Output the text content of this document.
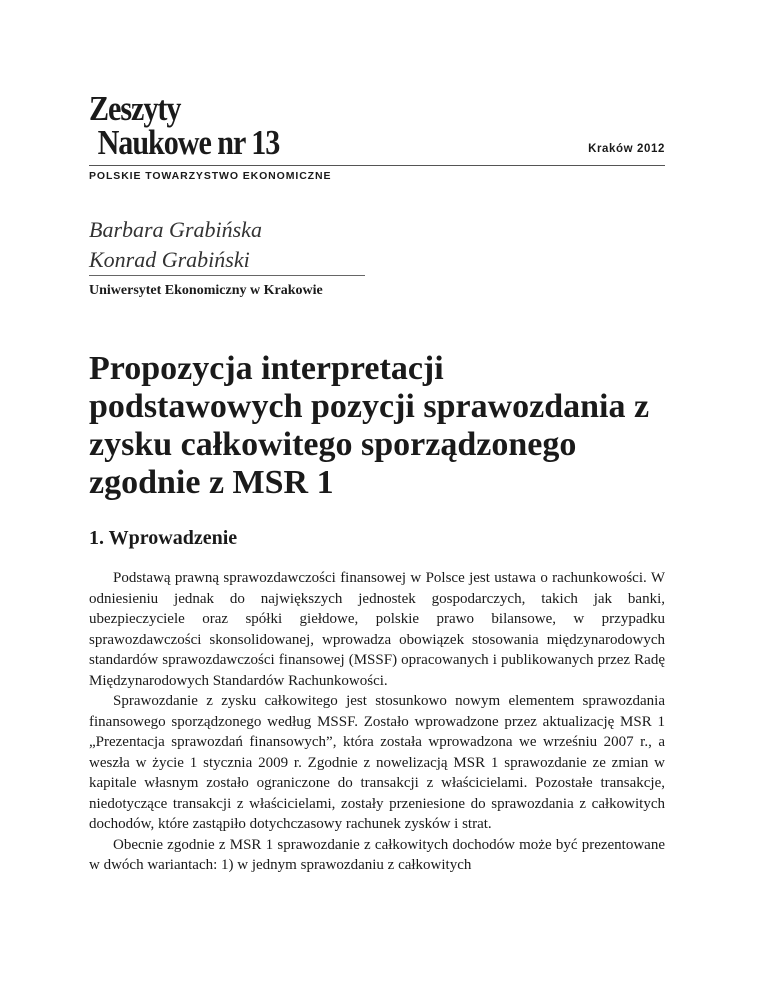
Zeszyty
Naukowe nr 13	Kraków 2012
POLSKIE TOWARZYSTWO EKONOMICZNE
Barbara Grabińska
Konrad Grabiński
Uniwersytet Ekonomiczny w Krakowie
Propozycja interpretacji podstawowych pozycji sprawozdania z zysku całkowitego sporządzonego zgodnie z MSR 1
1. Wprowadzenie

Podstawą prawną sprawozdawczości finansowej w Polsce jest ustawa o rachunkowości. W odniesieniu jednak do największych jednostek gospodarczych, takich jak banki, ubezpieczyciele oraz spółki giełdowe, polskie prawo bilansowe, w przypadku sprawozdawczości skonsolidowanej, wprowadza obowiązek stosowania międzynarodowych standardów sprawozdawczości finansowej (MSSF) opracowanych i publikowanych przez Radę Międzynarodowych Standardów Rachunkowości.

Sprawozdanie z zysku całkowitego jest stosunkowo nowym elementem sprawozdania finansowego sporządzonego według MSSF. Zostało wprowadzone przez aktualizację MSR 1 „Prezentacja sprawozdań finansowych”, która została wprowadzona we wrześniu 2007 r., a weszła w życie 1 stycznia 2009 r. Zgodnie z nowelizacją MSR 1 sprawozdanie ze zmian w kapitale własnym zostało ograniczone do transakcji z właścicielami. Pozostałe transakcje, niedotyczące transakcji z właścicielami, zostały przeniesione do sprawozdania z całkowitych dochodów, które zastąpiło dotychczasowy rachunek zysków i strat.

Obecnie zgodnie z MSR 1 sprawozdanie z całkowitych dochodów może być prezentowane w dwóch wariantach: 1) w jednym sprawozdaniu z całkowitych
